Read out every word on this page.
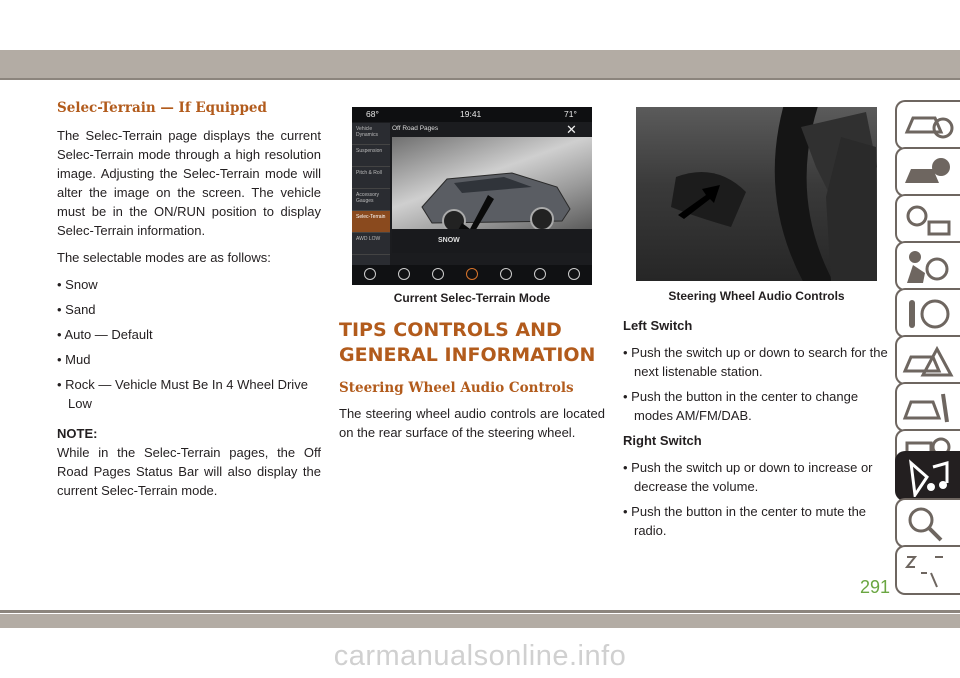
Selec-Terrain — If Equipped

The Selec-Terrain page displays the current Selec-Terrain mode through a high resolution image. Adjusting the Selec-Terrain mode will alter the image on the screen. The vehicle must be in the ON/RUN position to display Selec-Terrain information.

The selectable modes are as follows:

• Snow
• Sand
• Auto — Default
• Mud
• Rock — Vehicle Must Be In 4 Wheel Drive Low
NOTE:

While in the Selec-Terrain pages, the Off Road Pages Status Bar will also display the current Selec-Terrain mode.

68°	19:41	71°
Vehicle Dynamics
Suspension
Pitch & Roll
Accessory Gauges
Selec-Terrain
AWD LOW
Off Road Pages	✕
SNOW
Current Selec-Terrain Mode
TIPS CONTROLS AND
GENERAL INFORMATION
Steering Wheel Audio Controls

The steering wheel audio controls are located on the rear surface of the steering wheel.

Steering Wheel Audio Controls
Left Switch
• Push the switch up or down to search for the next listenable station.
• Push the button in the center to change modes AM/FM/DAB.
Right Switch
• Push the switch up or down to increase or decrease the volume.
• Push the button in the center to mute the radio.
291
carmanualsonline.info
